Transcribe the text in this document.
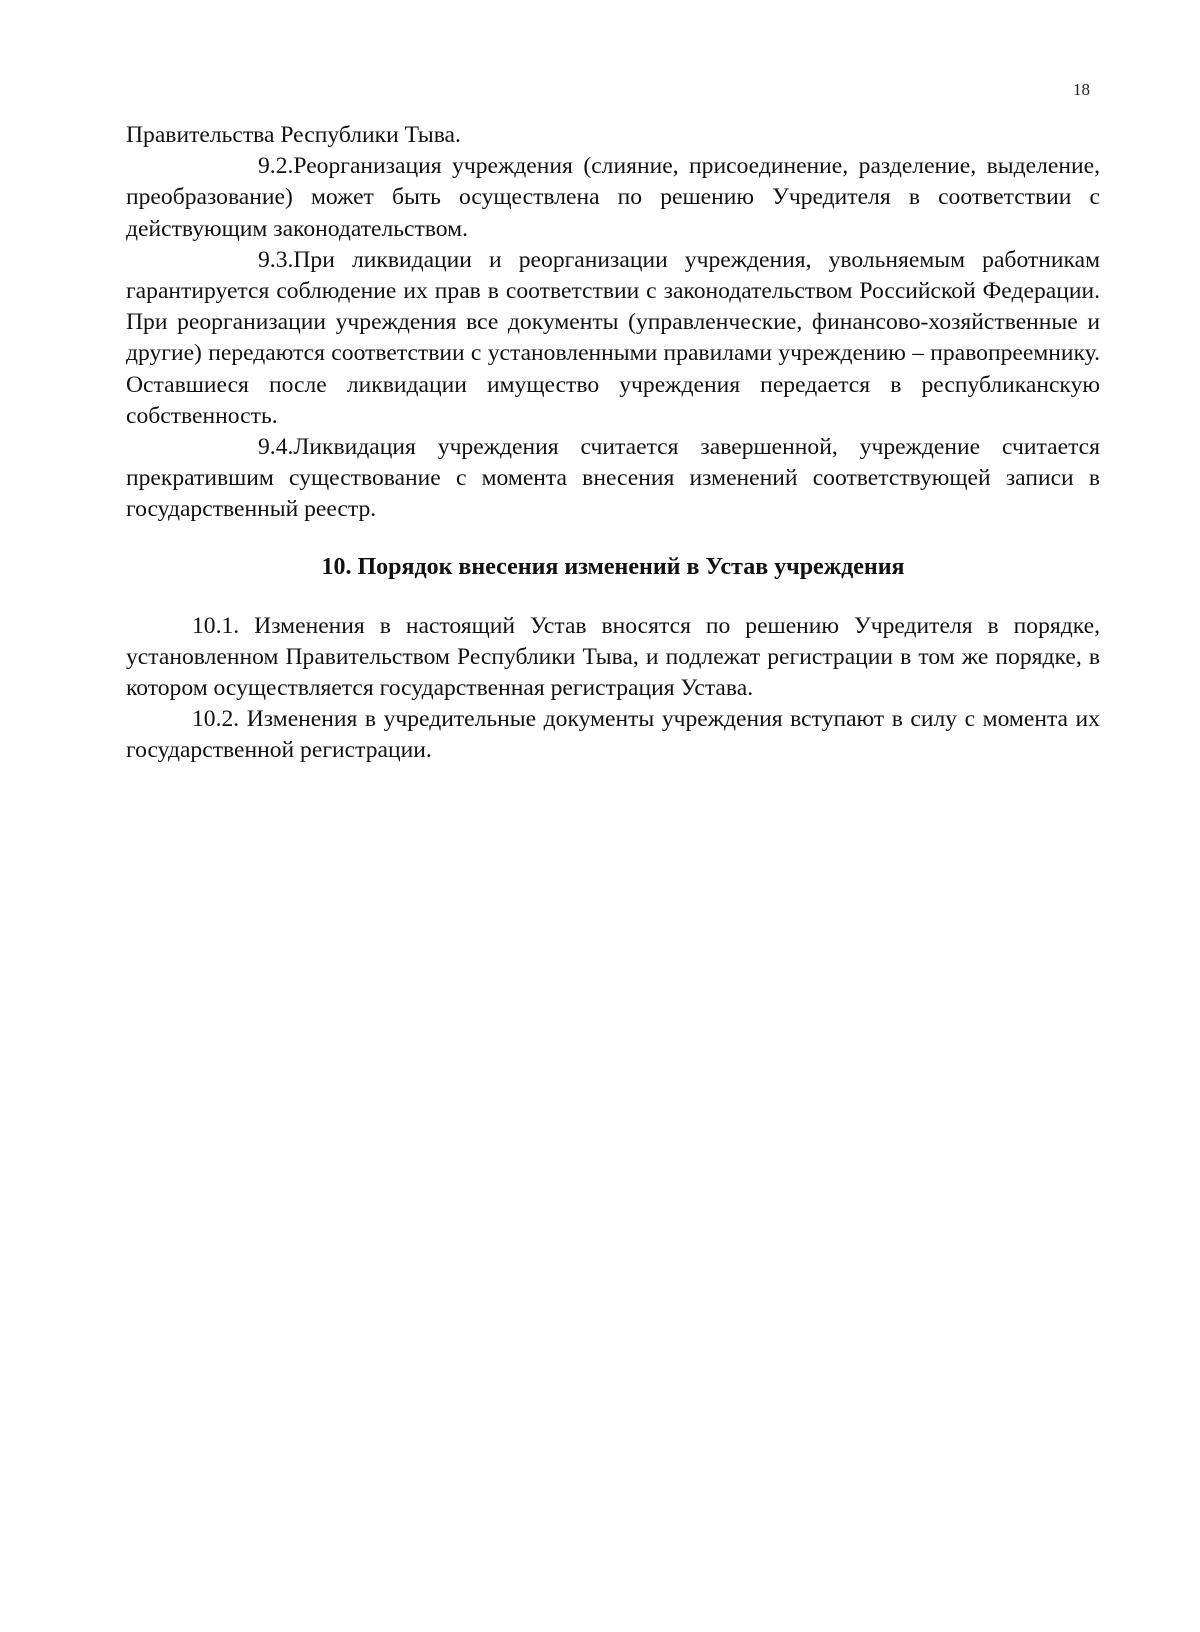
18

Правительства Республики Тыва.

9.2.Реорганизация учреждения (слияние, присоединение, разделение, выделение, преобразование) может быть осуществлена по решению Учредителя в соответствии с действующим законодательством.

9.3.При ликвидации и реорганизации учреждения, увольняемым работникам гарантируется соблюдение их прав в соответствии с законодательством Российской Федерации. При реорганизации учреждения все документы (управленческие, финансово-хозяйственные и другие) передаются соответствии с установленными правилами учреждению – правопреемнику. Оставшиеся после ликвидации имущество учреждения передается в республиканскую собственность.

9.4.Ликвидация учреждения считается завершенной, учреждение считается прекратившим существование с момента внесения изменений соответствующей записи в государственный реестр.

10. Порядок внесения изменений в Устав учреждения

10.1. Изменения в настоящий Устав вносятся по решению Учредителя в порядке, установленном Правительством Республики Тыва, и подлежат регистрации в том же порядке, в котором осуществляется государственная регистрация Устава.

10.2. Изменения в учредительные документы учреждения вступают в силу с момента их государственной регистрации.
